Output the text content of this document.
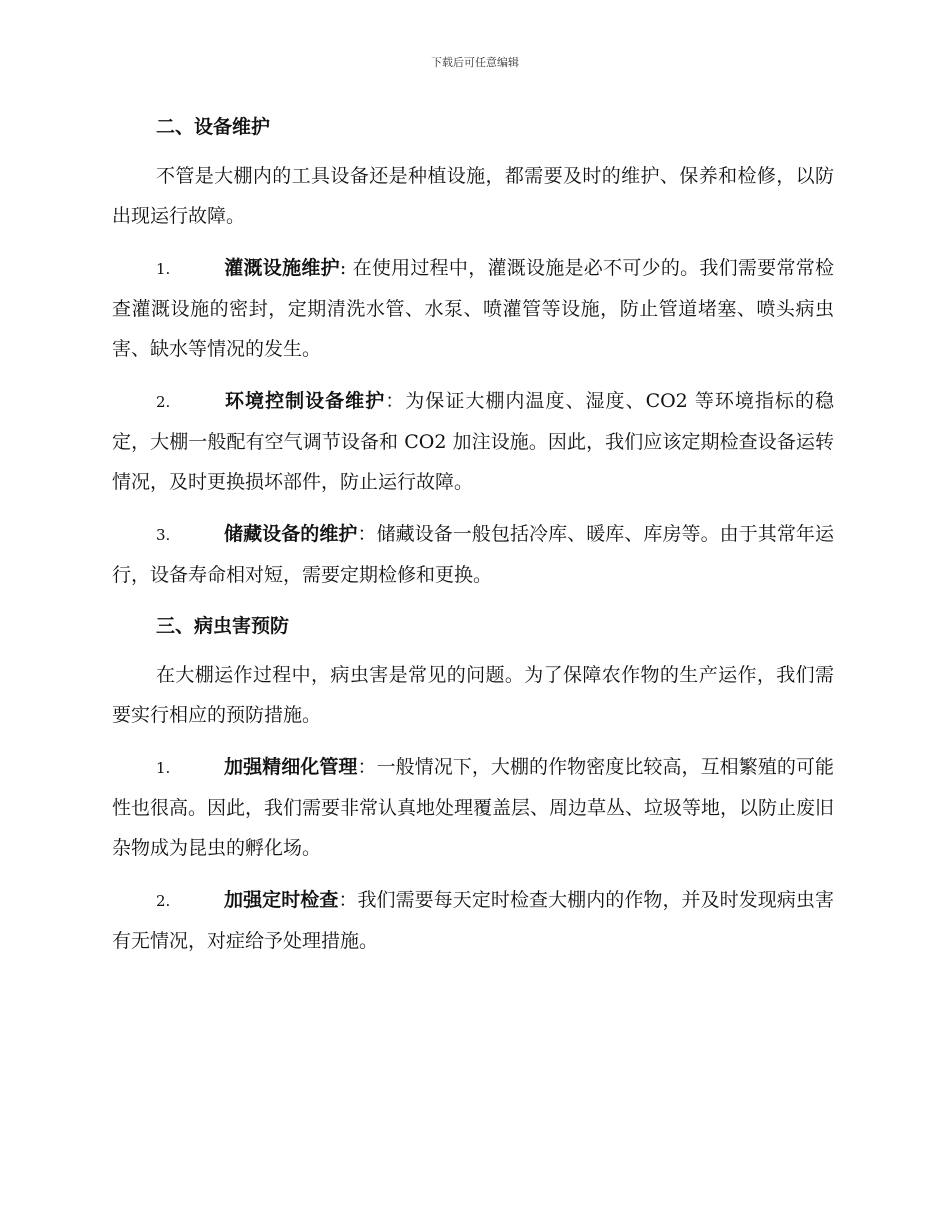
下载后可任意编辑
二、设备维护

不管是大棚内的工具设备还是种植设施，都需要及时的维护、保养和检修，以防出现运行故障。

1.	灌溉设施维护: 在使用过程中，灌溉设施是必不可少的。我们需要常常检查灌溉设施的密封，定期清洗水管、水泵、喷灌管等设施，防止管道堵塞、喷头病虫害、缺水等情况的发生。

2.	环境控制设备维护：为保证大棚内温度、湿度、CO2 等环境指标的稳定，大棚一般配有空气调节设备和 CO2 加注设施。因此，我们应该定期检查设备运转情况，及时更换损坏部件，防止运行故障。

3.	储藏设备的维护：储藏设备一般包括冷库、暖库、库房等。由于其常年运行，设备寿命相对短，需要定期检修和更换。

三、病虫害预防

在大棚运作过程中，病虫害是常见的问题。为了保障农作物的生产运作，我们需要实行相应的预防措施。

1.	加强精细化管理：一般情况下，大棚的作物密度比较高，互相繁殖的可能性也很高。因此，我们需要非常认真地处理覆盖层、周边草丛、垃圾等地，以防止废旧杂物成为昆虫的孵化场。

2.	加强定时检查：我们需要每天定时检查大棚内的作物，并及时发现病虫害有无情况，对症给予处理措施。
